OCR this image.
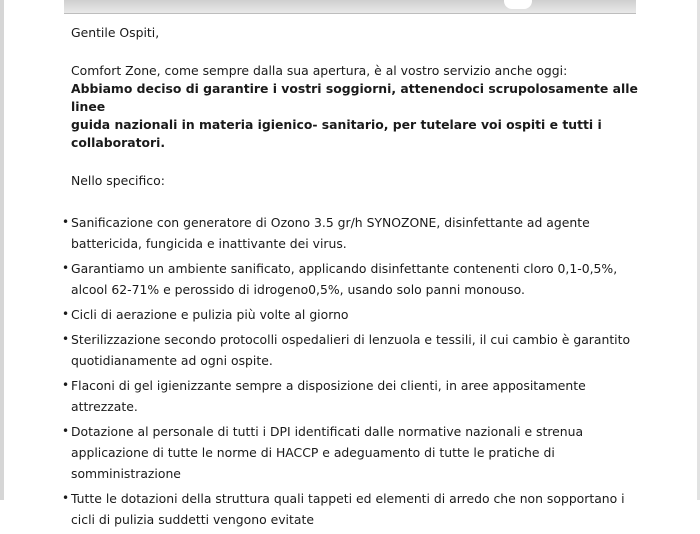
Gentile Ospiti,

Comfort Zone, come sempre dalla sua apertura, è al vostro servizio anche oggi:

Abbiamo deciso di garantire i vostri soggiorni, attenendoci scrupolosamente alle linee

guida nazionali in materia igienico- sanitario, per tutelare voi ospiti e tutti i collaboratori.

Nello specifico:

• Sanificazione con generatore di Ozono 3.5 gr/h SYNOZONE, disinfettante ad agente
battericida, fungicida e inattivante dei virus.
• Garantiamo un ambiente sanificato, applicando disinfettante contenenti cloro 0,1-0,5%,
alcool 62-71% e perossido di idrogeno0,5%, usando solo panni monouso.
• Cicli di aerazione e pulizia più volte al giorno
• Sterilizzazione secondo protocolli ospedalieri di lenzuola e tessili, il cui cambio è garantito
quotidianamente ad ogni ospite.
• Flaconi di gel igienizzante sempre a disposizione dei clienti, in aree appositamente
attrezzate.
• Dotazione al personale di tutti i DPI identificati dalle normative nazionali e strenua
applicazione di tutte le norme di HACCP e adeguamento di tutte le pratiche di
somministrazione
• Tutte le dotazioni della struttura quali tappeti ed elementi di arredo che non sopportano i
cicli di pulizia suddetti vengono evitate
